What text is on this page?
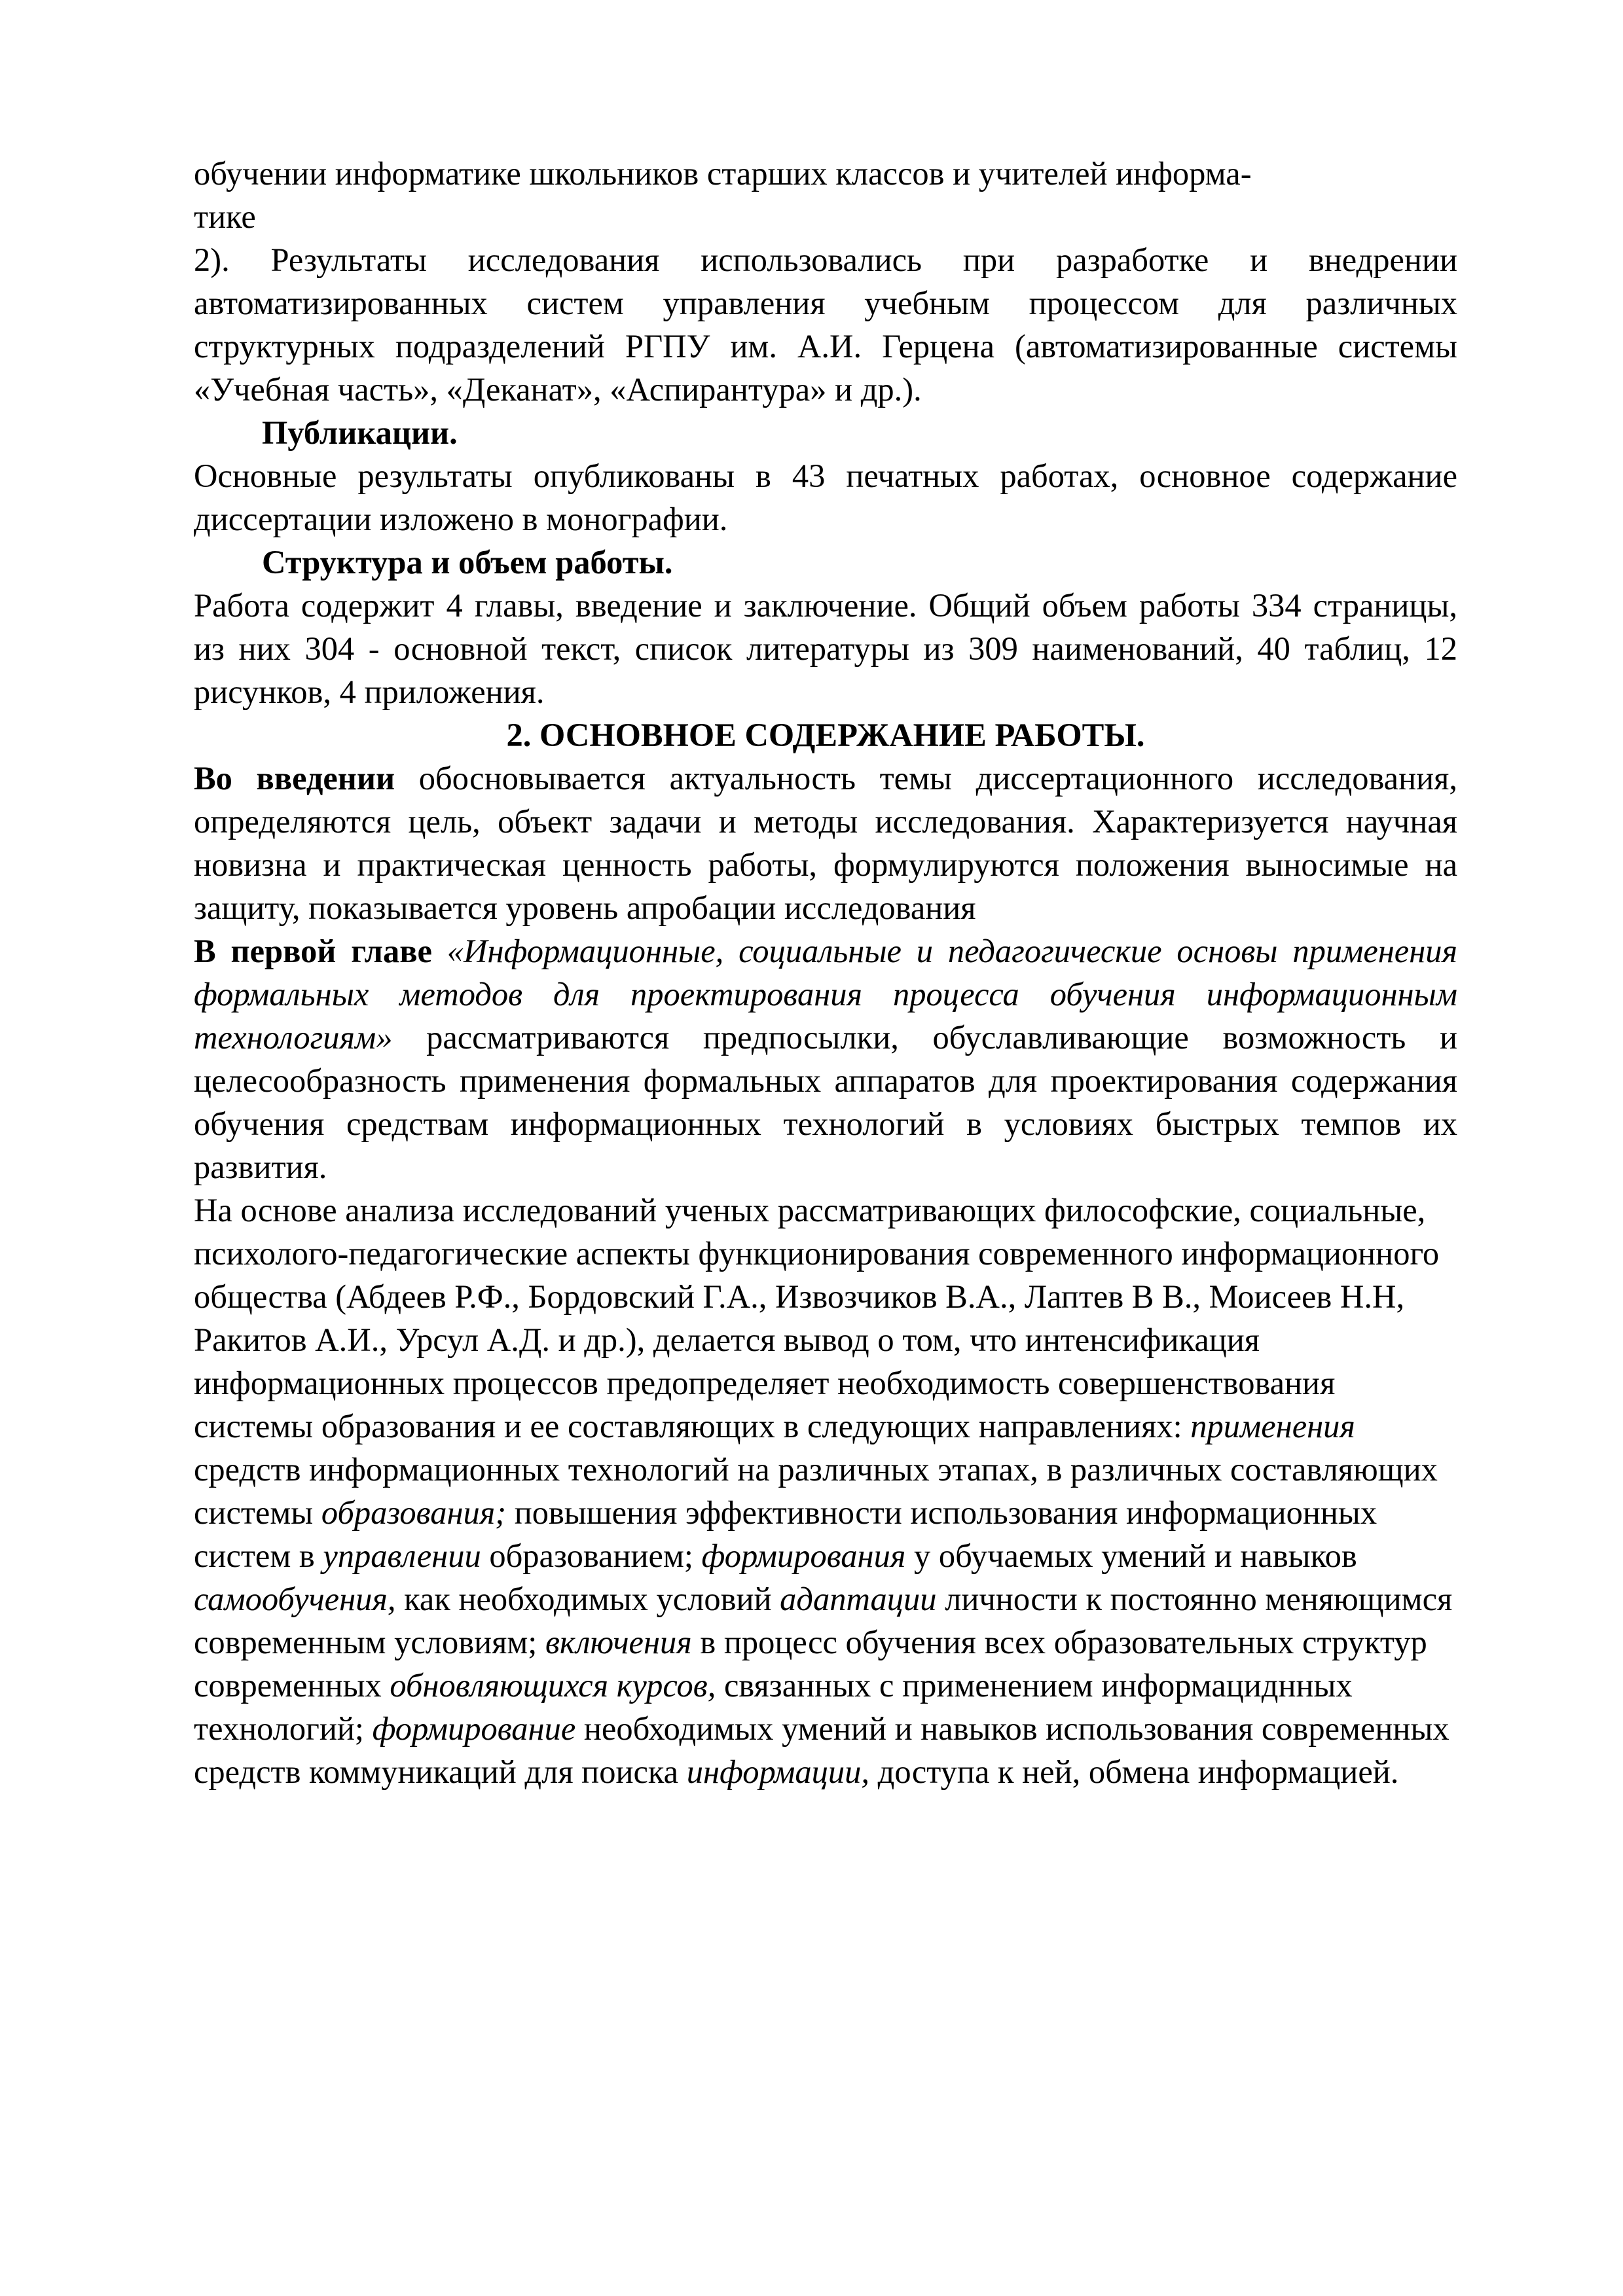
обучении информатике школьников старших классов и учителей информа-
тике

2). Результаты исследования использовались при разработке и внедрении автоматизированных систем управления учебным процессом для различных структурных подразделений РГПУ им. А.И. Герцена (автоматизированные системы «Учебная часть», «Деканат», «Аспирантура» и др.).

Публикации.

Основные результаты опубликованы в 43 печатных работах, основное содержание диссертации изложено в монографии.

Структура и объем работы.

Работа содержит 4 главы, введение и заключение. Общий объем работы 334 страницы, из них 304 - основной текст, список литературы из 309 наименований, 40 таблиц, 12 рисунков, 4 приложения.

2. ОСНОВНОЕ СОДЕРЖАНИЕ РАБОТЫ.

Во введении обосновывается актуальность темы диссертационного исследования, определяются цель, объект задачи и методы исследования. Характеризуется научная новизна и практическая ценность работы, формулируются положения выносимые на защиту, показывается уровень апробации исследования

В первой главе «Информационные, социальные и педагогические основы применения формальных методов для проектирования процесса обучения информационным технологиям» рассматриваются предпосылки, обуславливающие возможность и целесообразность применения формальных аппаратов для проектирования содержания обучения средствам информационных технологий в условиях быстрых темпов их развития.

На основе анализа исследований ученых рассматривающих философские, социальные, психолого-педагогические аспекты функционирования современного информационного общества (Абдеев Р.Ф., Бордовский Г.А., Извозчиков В.А., Лаптев В В., Моисеев Н.Н, Ракитов А.И., Урсул А.Д. и др.), делается вывод о том, что интенсификация информационных процессов предопределяет необходимость совершенствования системы образования и ее составляющих в следующих направлениях: применения средств информационных технологий на различных этапах, в различных составляющих системы образования; повышения эффективности использования информационных систем в управлении образованием; формирования у обучаемых умений и навыков самообучения, как необходимых условий адаптации личности к постоянно меняющимся современным условиям; включения в процесс обучения всех образовательных структур современных обновляющихся курсов, связанных с применением информациднных технологий; формирование необходимых умений и навыков использования современных средств коммуникаций для поиска информации, доступа к ней, обмена информацией.
